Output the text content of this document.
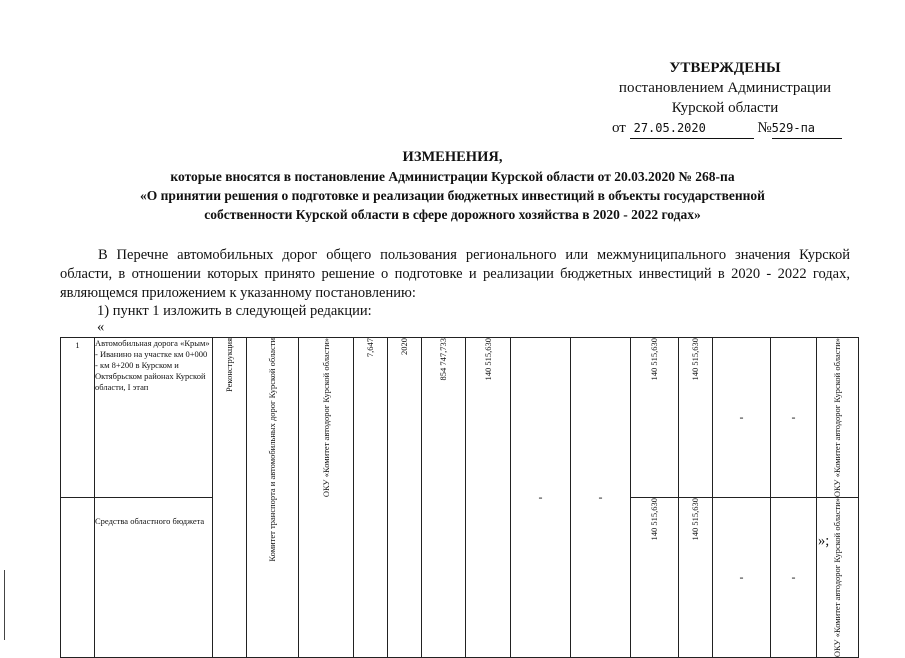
УТВЕРЖДЕНЫ
постановлением Администрации
Курской области
от 27.05.2020	№529-па
ИЗМЕНЕНИЯ,
которые вносятся в постановление Администрации Курской области от 20.03.2020 № 268-па
«О принятии решения о подготовке и реализации бюджетных инвестиций в объекты государственной
собственности Курской области в сфере дорожного хозяйства в 2020 - 2022 годах»
В Перечне автомобильных дорог общего пользования регионального или межмуниципального значения Курской области, в отношении которых принято решение о подготовке и реализации бюджетных инвестиций в 2020 - 2022 годах, являющемся приложением к указанному постановлению:
1) пункт 1 изложить в следующей редакции:
«
1	Автомобильная дорога «Крым» - Иванино на участке км 0+000 - км 8+200 в Курском и Октябрьском районах Курской области, I этап	Реконструкция	Комитет транспорта и автомобильных дорог Курской области	ОКУ «Комитет автодорог Курской области»	7,647	2020	854 747,733	140 515,630	-	-	140 515,630	140 515,630	-	-	ОКУ «Комитет автодорог Курской области»

	Средства областного бюджета										140 515,630	140 515,630	-	-	ОКУ «Комитет автодорог Курской области»
»;
